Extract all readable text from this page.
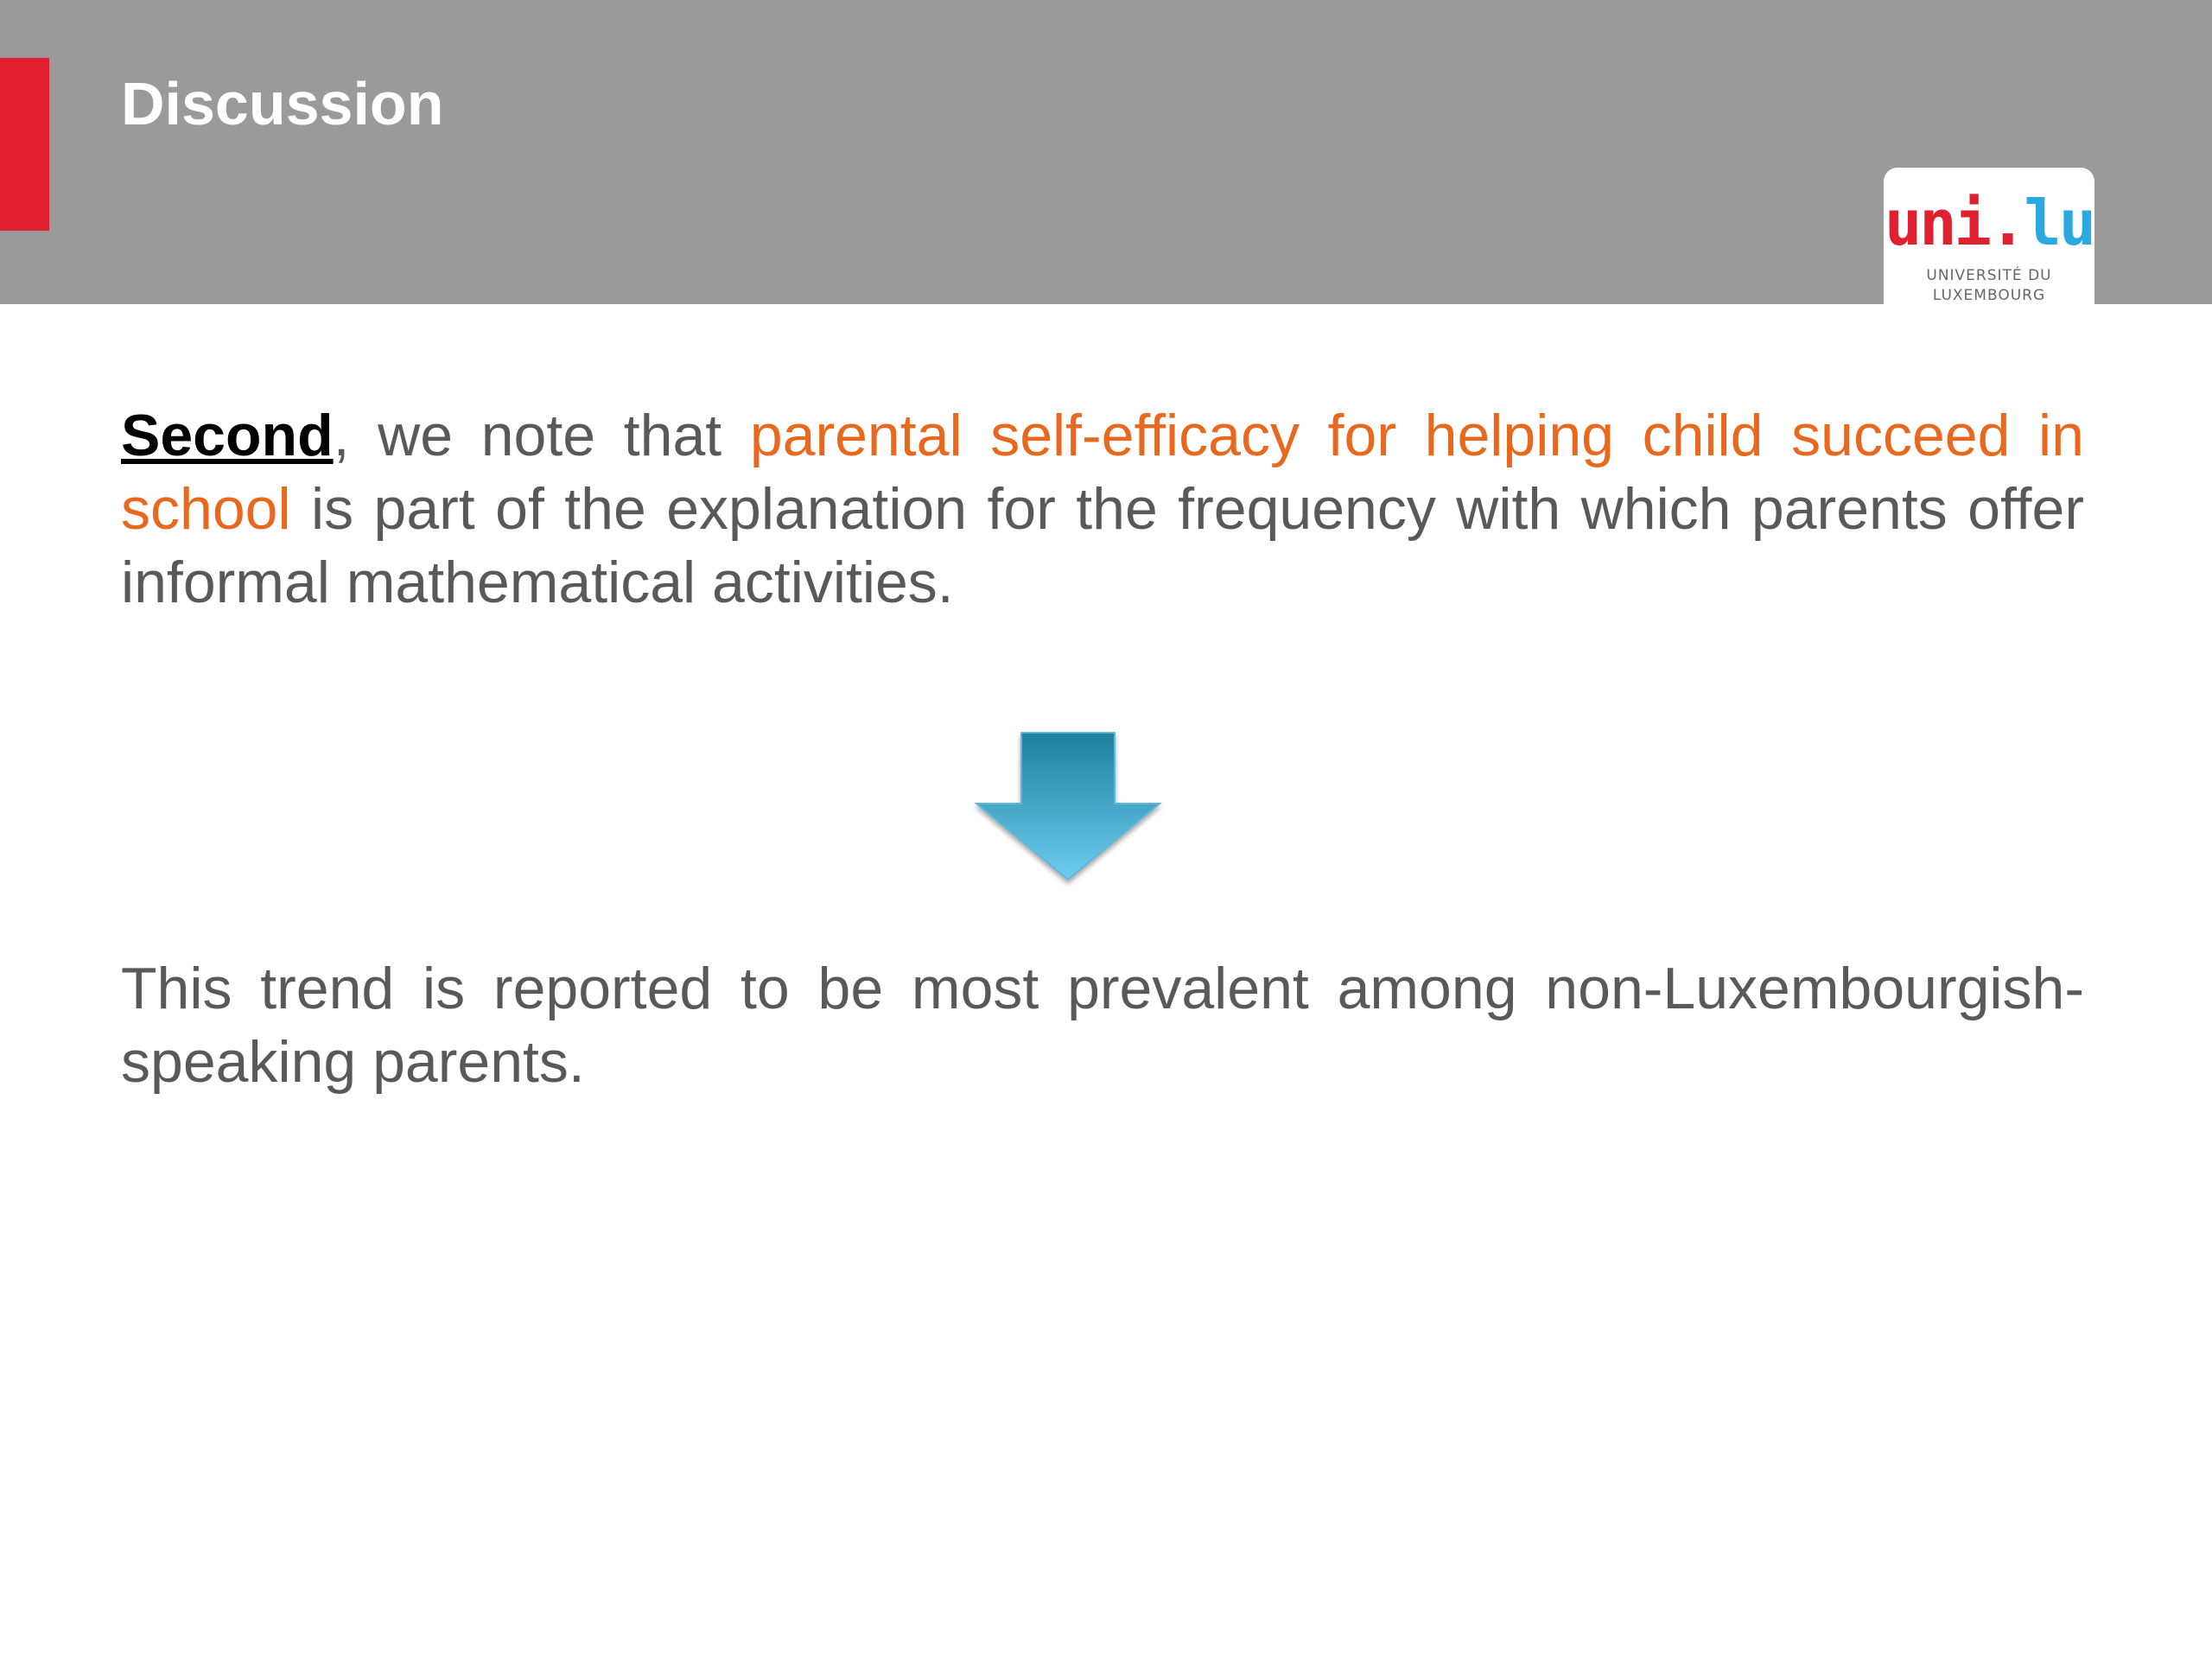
Discussion
uni.lu
UNIVERSITÉ DU
LUXEMBOURG

Second, we note that parental self-efficacy for helping child succeed in school is part of the explanation for the frequency with which parents offer informal mathematical activities.

This trend is reported to be most prevalent among non-Luxembourgish-speaking parents.
